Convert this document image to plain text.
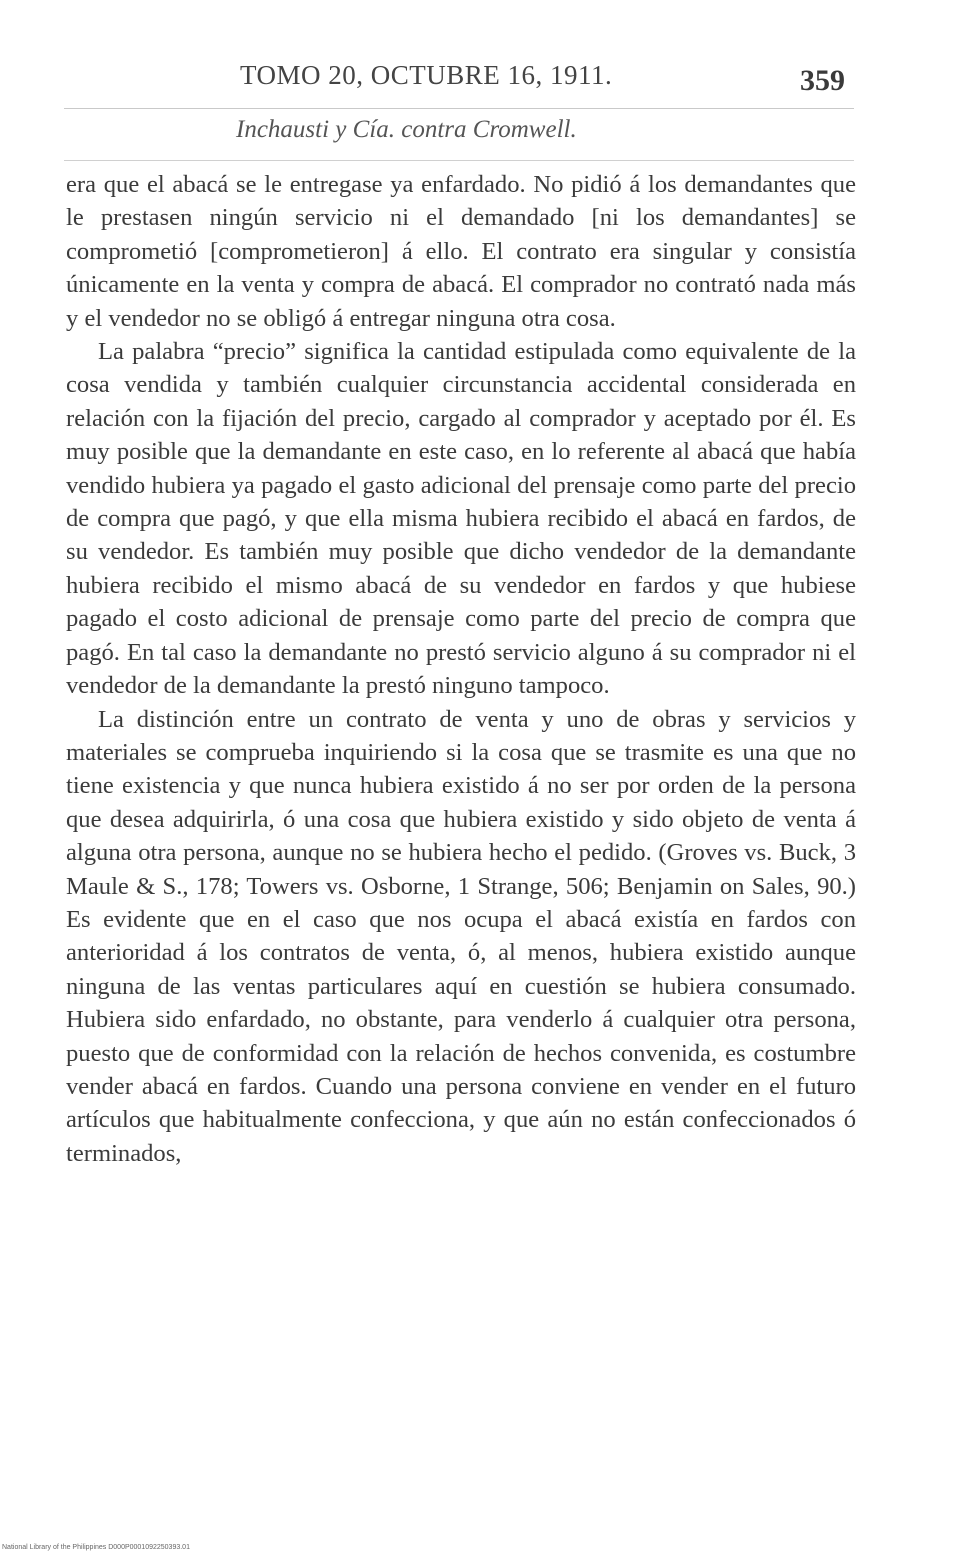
TOMO 20, OCTUBRE 16, 1911.	359
Inchausti y Cía. contra Cromwell.

era que el abacá se le entregase ya enfardado. No pidió á los demandantes que le prestasen ningún servicio ni el demandado [ni los demandantes] se comprometió [comprometieron] á ello. El contrato era singular y consistía únicamente en la venta y compra de abacá. El comprador no contrató nada más y el vendedor no se obligó á entregar ninguna otra cosa.

La palabra “precio” significa la cantidad estipulada como equivalente de la cosa vendida y también cualquier circunstancia accidental considerada en relación con la fijación del precio, cargado al comprador y aceptado por él. Es muy posible que la demandante en este caso, en lo referente al abacá que había vendido hubiera ya pagado el gasto adicional del prensaje como parte del precio de compra que pagó, y que ella misma hubiera recibido el abacá en fardos, de su vendedor. Es también muy posible que dicho vendedor de la demandante hubiera recibido el mismo abacá de su vendedor en fardos y que hubiese pagado el costo adicional de prensaje como parte del precio de compra que pagó. En tal caso la demandante no prestó servicio alguno á su comprador ni el vendedor de la demandante la prestó ninguno tampoco.

La distinción entre un contrato de venta y uno de obras y servicios y materiales se comprueba inquiriendo si la cosa que se trasmite es una que no tiene existencia y que nunca hubiera existido á no ser por orden de la persona que desea adquirirla, ó una cosa que hubiera existido y sido objeto de venta á alguna otra persona, aunque no se hubiera hecho el pedido. (Groves vs. Buck, 3 Maule & S., 178; Towers vs. Osborne, 1 Strange, 506; Benjamin on Sales, 90.) Es evidente que en el caso que nos ocupa el abacá existía en fardos con anterioridad á los contratos de venta, ó, al menos, hubiera existido aunque ninguna de las ventas particulares aquí en cuestión se hubiera consumado. Hubiera sido enfardado, no obstante, para venderlo á cualquier otra persona, puesto que de conformidad con la relación de hechos convenida, es costumbre vender abacá en fardos. Cuando una persona conviene en vender en el futuro artículos que habitualmente confecciona, y que aún no están confeccionados ó terminados,

National Library of the Philippines D000P0001092250393.01
